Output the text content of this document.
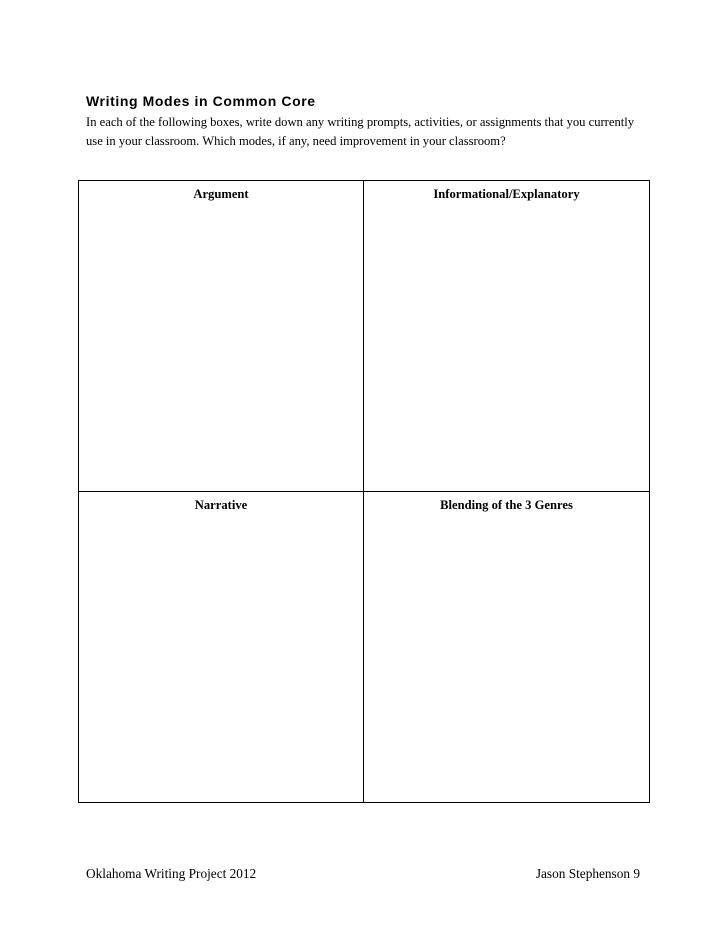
Writing Modes in Common Core
In each of the following boxes, write down any writing prompts, activities, or assignments that you currently use in your classroom. Which modes, if any, need improvement in your classroom?
Argument	Informational/Explanatory
Narrative	Blending of the 3 Genres
Oklahoma Writing Project 2012	Jason Stephenson 9
